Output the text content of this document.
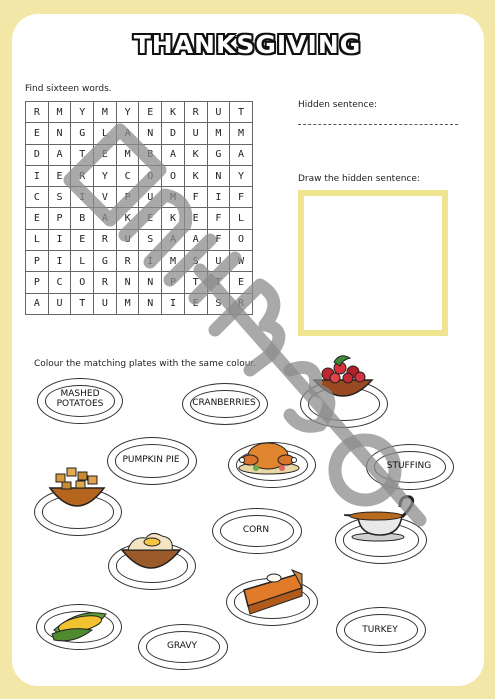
THANKSGIVING
Find sixteen words.
R	M	Y	M	Y	E	K	R	U	T
E	N	G	L	A	N	D	U	M	M
D	A	T	E	M	B	A	K	G	A
I	E	R	Y	C	O	O	K	N	Y
C	S	I	V	P	U	M	F	I	F
E	P	B	A	K	E	K	E	F	L
L	I	E	R	U	S	A	A	F	O
P	I	L	G	R	I	M	S	U	W
P	C	O	R	N	N	P	T	T	E
A	U	T	U	M	N	I	E	S	R
Hidden sentence:
Draw the hidden sentence:
Colour the matching plates with the same colour.
MASHED POTATOES	CRANBERRIES
PUMPKIN PIE
STUFFING
CORN
GRAVY
TURKEY
